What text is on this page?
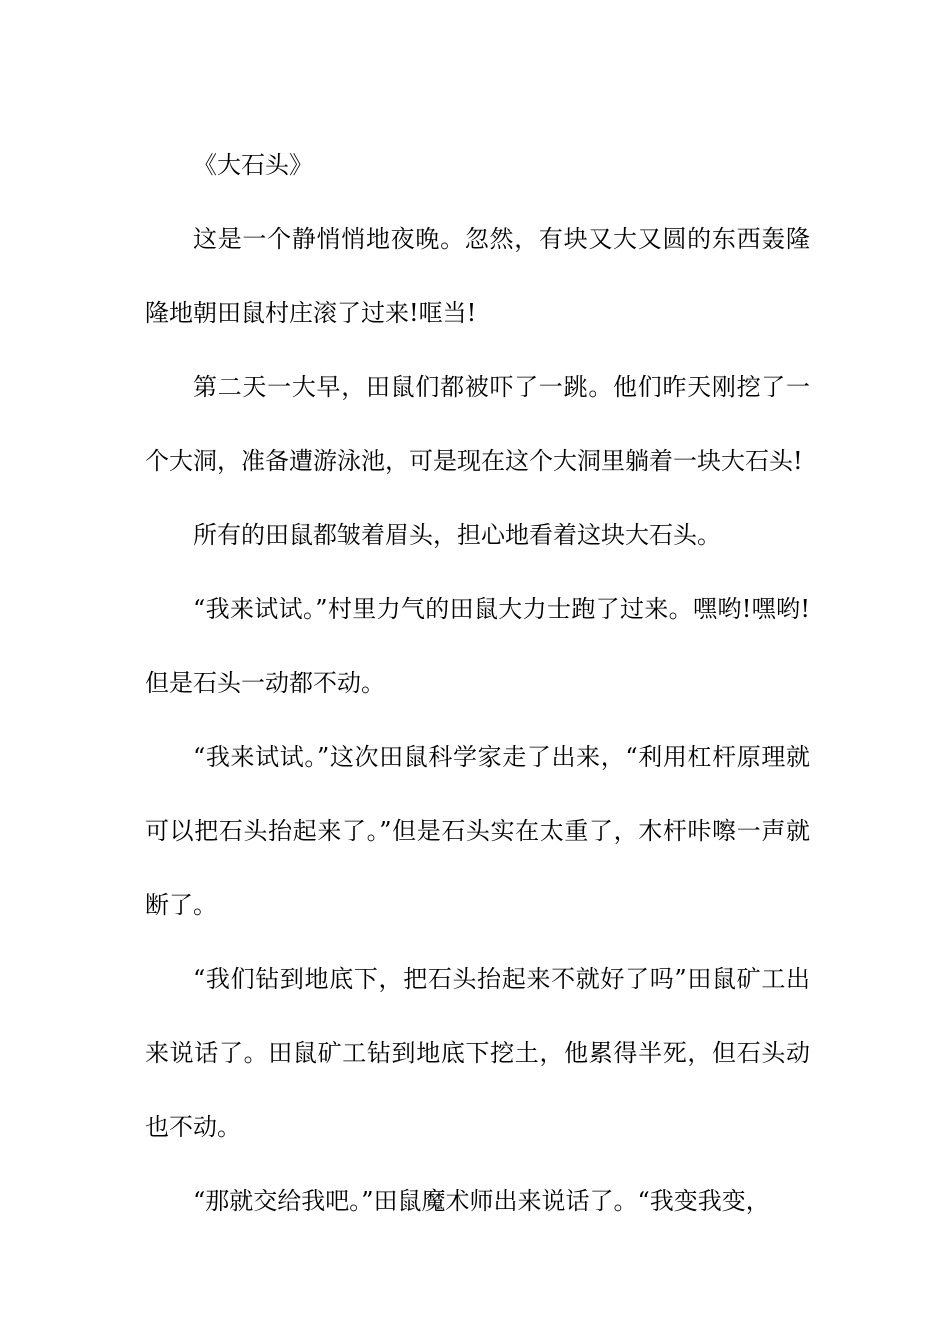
《大石头》

这是一个静悄悄地夜晚。忽然，有块又大又圆的东西轰隆隆地朝田鼠村庄滚了过来!哐当!

第二天一大早，田鼠们都被吓了一跳。他们昨天刚挖了一个大洞，准备遭游泳池，可是现在这个大洞里躺着一块大石头!

所有的田鼠都皱着眉头，担心地看着这块大石头。

“我来试试。”村里力气的田鼠大力士跑了过来。嘿哟!嘿哟!但是石头一动都不动。

“我来试试。”这次田鼠科学家走了出来，“利用杠杆原理就可以把石头抬起来了。”但是石头实在太重了，木杆咔嚓一声就断了。

“我们钻到地底下，把石头抬起来不就好了吗”田鼠矿工出来说话了。田鼠矿工钻到地底下挖土，他累得半死，但石头动也不动。

“那就交给我吧。”田鼠魔术师出来说话了。“我变我变，
